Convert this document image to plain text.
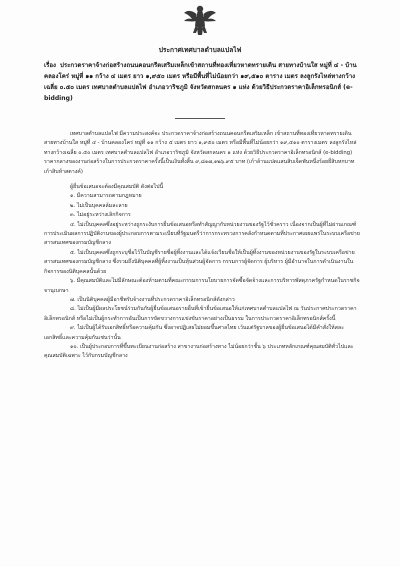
ประกาศเทศบาลตำบลแปลไฟ
เรื่อง ประกวดราคาจ้างก่อสร้างถนนคอนกรีตเสริมเหล็กเข้าสถานที่ทองเที่ยวหาดทรายเดิน สายทางบ้านใส หมู่ที่ ๔ - บ้านคลองโคร่ หมู่ที่ ๑๑ กว้าง ๔ เมตร ยาว ๑,๙๕๐ เมตร หรือมีพื้นที่ไม่น้อยกว่า ๑๙,๕๑๐ ตาราง เมตร ลงลูกรังไหล่ทางกว้างเฉลี่ย ๐.๕๐ เมตร เทศบาลตำบลแปลไฟ อำเภอวาริชภูมิ จังหวัดสกลนคร ๑ แห่ง ด้วยวิธีประกวดราคาอิเล็กทรอนิกส์ (e-bidding)

เทศบาลตำบลแปลไฟ มีความประสงค์จะ ประกวดราคาจ้างก่อสร้างถนนคอนกรีตเสริมเหล็ก เข้าสถานที่ทองเที่ยวหาดทรายเดิน สายทางบ้านใส หมู่ที่ ๔ - บ้านคลองโคร่ หมู่ที่ ๑๑ กว้าง ๕ เมตร ยาว ๑,๙๕๐ เมตร หรือมีพื้นที่ไม่น้อยกว่า ๑๙,๕๑๐ ตารางเมตร ลงลูกรังไหล่ทางกว้างเฉลี่ย ๐.๕๐ เมตร เทศบาลตำบลแปลไฟ อำเภอวาริชภูมิ จังหวัดสกลนคร ๑ แห่ง ด้วยวิธีประกวดราคาอิเล็กทรอนิกส์ (e-bidding) ราคากลางของงานก่อสร้างในการประกวดราคาครั้งนี้เป็นเงินทั้งสิ้น ๙,๘๑๗,๑๒๖.๙๕ บาท (เก้าล้านแปดแสนสิบเจ็ดพันหนึ่งร้อยยี่สิบหกบาทเก้าสิบห้าสตางค์)

ผู้ยื่นข้อเสนอจะต้องมีคุณสมบัติ ดังต่อไปนี้

๑. มีความสามารถตามกฎหมาย

๒. ไม่เป็นบุคคลล้มละลาย

๓. ไม่อยู่ระหว่างเลิกกิจการ

๔. ไม่เป็นบุคคลซึ่งอยู่ระหว่างถูกระงับการยื่นข้อเสนอหรือทำสัญญากับหน่วยงานของรัฐไว้ชั่วคราว เนื่องจากเป็นผู้ที่ไม่ผ่านเกณฑ์การประเมินผลการปฏิบัติงานของผู้ประกอบการตามระเบียบที่รัฐมนตรีว่าการกระทรวงการคลังกำหนดตามที่ประกาศเผยแพร่ในระบบเครือข่ายสารสนเทศของกรมบัญชีกลาง

๕. ไม่เป็นบุคคลซึ่งถูกระบุชื่อไว้ในบัญชีรายชื่อผู้ทิ้งงานและได้แจ้งเวียนชื่อให้เป็นผู้ทิ้งงานของหน่วยงานของรัฐในระบบเครือข่ายสารสนเทศของกรมบัญชีกลาง ซึ่งรวมถึงนิติบุคคลที่ผู้ทิ้งงานเป็นหุ้นส่วนผู้จัดการ กรรมการผู้จัดการ ผู้บริหาร ผู้มีอำนาจในการดำเนินงานในกิจการของนิติบุคคลนั้นด้วย

๖. มีคุณสมบัติและไม่มีลักษณะต้องห้ามตามที่คณะกรรมการนโยบายการจัดซื้อจัดจ้างและการบริหารพัสดุภาครัฐกำหนดในราชกิจจานุเบกษา

๗. เป็นนิติบุคคลผู้มีอาชีพรับจ้างงานที่ประกวดราคาอิเล็กทรอนิกส์ดังกล่าว

๘. ไม่เป็นผู้มีผลประโยชน์ร่วมกันกับผู้ยื่นข้อเสนอรายอื่นที่เข้ายื่นข้อเสนอให้แก่เทศบาลตำบลแปลไฟ ณ วันประกาศประกวดราคาอิเล็กทรอนิกส์ หรือไม่เป็นผู้กระทำการอันเป็นการขัดขวางการแข่งขันราคาอย่างเป็นธรรม ในการประกวดราคาอิเล็กทรอนิกส์ครั้งนี้

๙. ไม่เป็นผู้ได้รับเอกสิทธิ์หรือความคุ้มกัน ซึ่งอาจปฏิเสธไม่ยอมขึ้นศาลไทย เว้นแต่รัฐบาลของผู้ยื่นข้อเสนอได้มีคำสั่งให้สละเอกสิทธิ์และความคุ้มกันเช่นว่านั้น

๑๐. เป็นผู้ประกอบการที่ขึ้นทะเบียนงานก่อสร้าง สาขางานก่อสร้างทาง ไม่น้อยกว่าชั้น ๖ ประเภทหลักเกณฑ์คุณสมบัติทั่วไปและคุณสมบัติเฉพาะ ไว้กับกรมบัญชีกลาง
